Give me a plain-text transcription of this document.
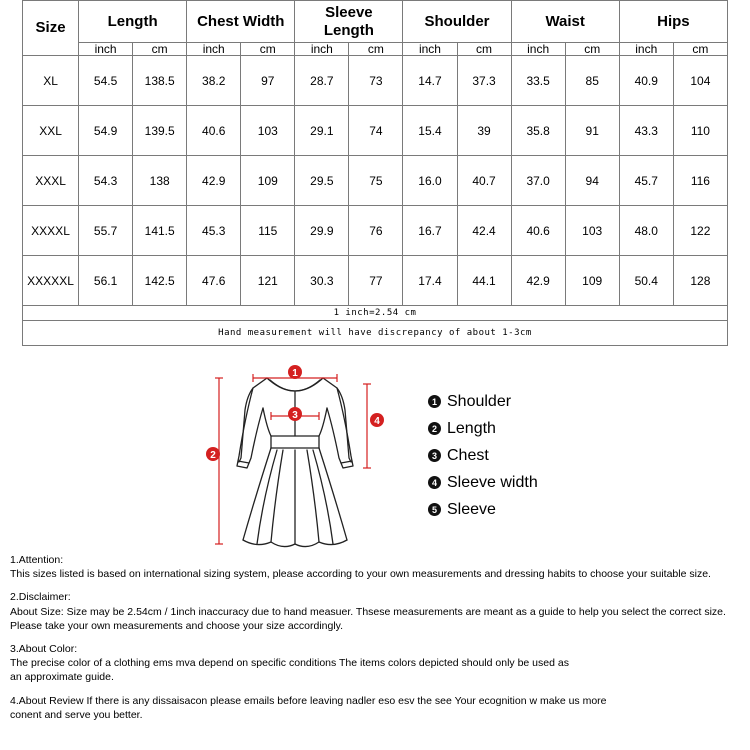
Size	Length		Chest Width		Sleeve Length		Shoulder		Waist		Hips	
	inch	cm	inch	cm	inch	cm	inch	cm	inch	cm	inch	cm
XL	54.5	138.5	38.2	97	28.7	73	14.7	37.3	33.5	85	40.9	104
XXL	54.9	139.5	40.6	103	29.1	74	15.4	39	35.8	91	43.3	110
XXXL	54.3	138	42.9	109	29.5	75	16.0	40.7	37.0	94	45.7	116
XXXXL	55.7	141.5	45.3	115	29.9	76	16.7	42.4	40.6	103	48.0	122
XXXXXL	56.1	142.5	47.6	121	30.3	77	17.4	44.1	42.9	109	50.4	128
1 inch=2.54 cm												
Hand measurement will have discrepancy of about 1-3cm												
1
2
3
4
1 Shoulder
2 Length
3 Chest
4 Sleeve width
5 Sleeve

1.Attention:

This sizes listed is based on international sizing system, please according to your own measurements and dressing habits to choose your suitable size.

2.Disclaimer:

About Size: Size may be 2.54cm / 1inch inaccuracy due to hand measuer. Thsese measurements are meant as a guide to help you select the correct size.

Please take your own measurements and choose your size accordingly.

3.About Color:

The precise color of a clothing ems mva depend on specific conditions The items colors depicted should only be used as

an approximate guide.

4.About Review If there is any dissaisacon please emails before leaving nadler eso esv the see Your ecognition w make us more

conent and serve you better.
